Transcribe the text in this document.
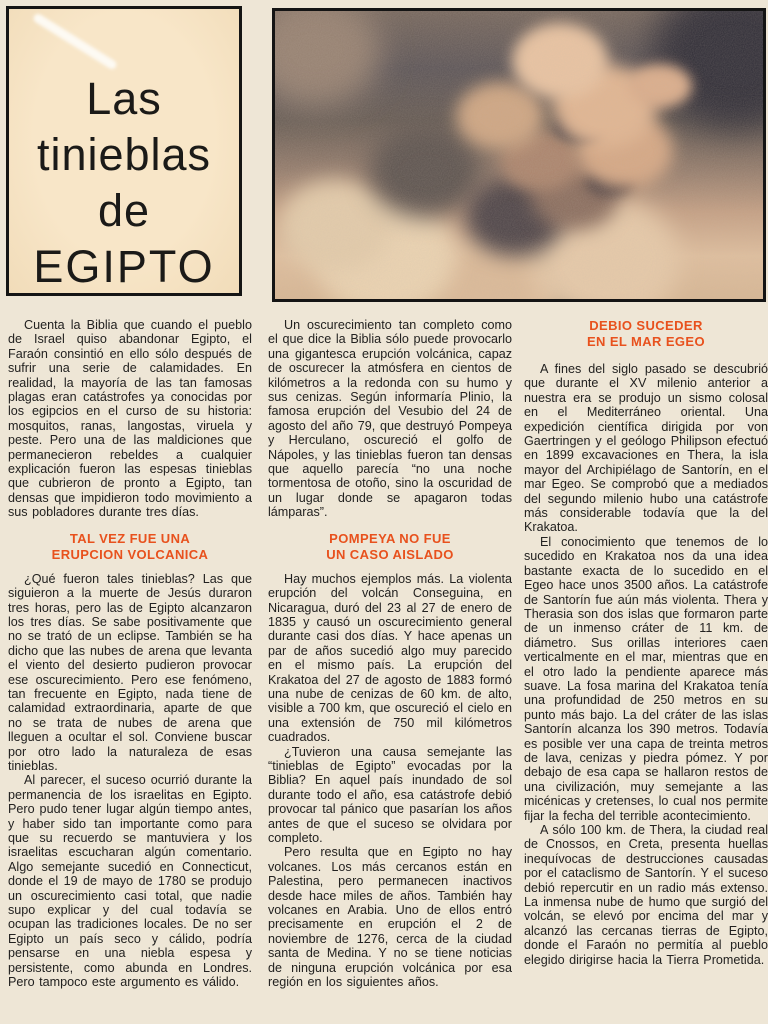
Las
tinieblas
de
EGIPTO

Cuenta la Biblia que cuando el pueblo de Israel quiso abandonar Egipto, el Faraón consintió en ello sólo después de sufrir una serie de calamidades. En realidad, la mayoría de las tan famosas plagas eran catástrofes ya conocidas por los egipcios en el curso de su historia: mosquitos, ranas, langostas, viruela y peste. Pero una de las maldiciones que permanecieron rebeldes a cualquier explicación fueron las espesas tinieblas que cubrieron de pronto a Egipto, tan densas que impidieron todo movimiento a sus pobladores durante tres días.

TAL VEZ FUE UNA
ERUPCION VOLCANICA

¿Qué fueron tales tinieblas? Las que siguieron a la muerte de Jesús duraron tres horas, pero las de Egipto alcanzaron los tres días. Se sabe positivamente que no se trató de un eclipse. También se ha dicho que las nubes de arena que levanta el viento del desierto pudieron provocar ese oscurecimiento. Pero ese fenómeno, tan frecuente en Egipto, nada tiene de calamidad extraordinaria, aparte de que no se trata de nubes de arena que lleguen a ocultar el sol. Conviene buscar por otro lado la naturaleza de esas tinieblas.

Al parecer, el suceso ocurrió durante la permanencia de los israelitas en Egipto. Pero pudo tener lugar algún tiempo antes, y haber sido tan importante como para que su recuerdo se mantuviera y los israelitas escucharan algún comentario. Algo semejante sucedió en Connecticut, donde el 19 de mayo de 1780 se produjo un oscurecimiento casi total, que nadie supo explicar y del cual todavía se ocupan las tradiciones locales. De no ser Egipto un país seco y cálido, podría pensarse en una niebla espesa y persistente, como abunda en Londres. Pero tampoco este argumento es válido.

Un oscurecimiento tan completo como el que dice la Biblia sólo puede provocarlo una gigantesca erupción volcánica, capaz de oscurecer la atmósfera en cientos de kilómetros a la redonda con su humo y sus cenizas. Según informaría Plinio, la famosa erupción del Vesubio del 24 de agosto del año 79, que destruyó Pompeya y Herculano, oscureció el golfo de Nápoles, y las tinieblas fueron tan densas que aquello parecía “no una noche tormentosa de otoño, sino la oscuridad de un lugar donde se apagaron todas lámparas”.

POMPEYA NO FUE
UN CASO AISLADO

Hay muchos ejemplos más. La violenta erupción del volcán Conseguina, en Nicaragua, duró del 23 al 27 de enero de 1835 y causó un oscurecimiento general durante casi dos días. Y hace apenas un par de años sucedió algo muy parecido en el mismo país. La erupción del Krakatoa del 27 de agosto de 1883 formó una nube de cenizas de 60 km. de alto, visible a 700 km, que oscureció el cielo en una extensión de 750 mil kilómetros cuadrados.

¿Tuvieron una causa semejante las “tinieblas de Egipto” evocadas por la Biblia? En aquel país inundado de sol durante todo el año, esa catástrofe debió provocar tal pánico que pasarían los años antes de que el suceso se olvidara por completo.

Pero resulta que en Egipto no hay volcanes. Los más cercanos están en Palestina, pero permanecen inactivos desde hace miles de años. También hay volcanes en Arabia. Uno de ellos entró precisamente en erupción el 2 de noviembre de 1276, cerca de la ciudad santa de Medina. Y no se tiene noticias de ninguna erupción volcánica por esa región en los siguientes años.

DEBIO SUCEDER
EN EL MAR EGEO

A fines del siglo pasado se descubrió que durante el XV milenio anterior a nuestra era se produjo un sismo colosal en el Mediterráneo oriental. Una expedición científica dirigida por von Gaertringen y el geólogo Philipson efectuó en 1899 excavaciones en Thera, la isla mayor del Archipiélago de Santorín, en el mar Egeo. Se comprobó que a mediados del segundo milenio hubo una catástrofe más considerable todavía que la del Krakatoa.

El conocimiento que tenemos de lo sucedido en Krakatoa nos da una idea bastante exacta de lo sucedido en el Egeo hace unos 3500 años. La catástrofe de Santorín fue aún más violenta. Thera y Therasia son dos islas que formaron parte de un inmenso cráter de 11 km. de diámetro. Sus orillas interiores caen verticalmente en el mar, mientras que en el otro lado la pendiente aparece más suave. La fosa marina del Krakatoa tenía una profundidad de 250 metros en su punto más bajo. La del cráter de las islas Santorín alcanza los 390 metros. Todavía es posible ver una capa de treinta metros de lava, cenizas y piedra pómez. Y por debajo de esa capa se hallaron restos de una civilización, muy semejante a las micénicas y cretenses, lo cual nos permite fijar la fecha del terrible acontecimiento.

A sólo 100 km. de Thera, la ciudad real de Cnossos, en Creta, presenta huellas inequívocas de destrucciones causadas por el cataclismo de Santorín. Y el suceso debió repercutir en un radio más extenso. La inmensa nube de humo que surgió del volcán, se elevó por encima del mar y alcanzó las cercanas tierras de Egipto, donde el Faraón no permitía al pueblo elegido dirigirse hacia la Tierra Prometida.
